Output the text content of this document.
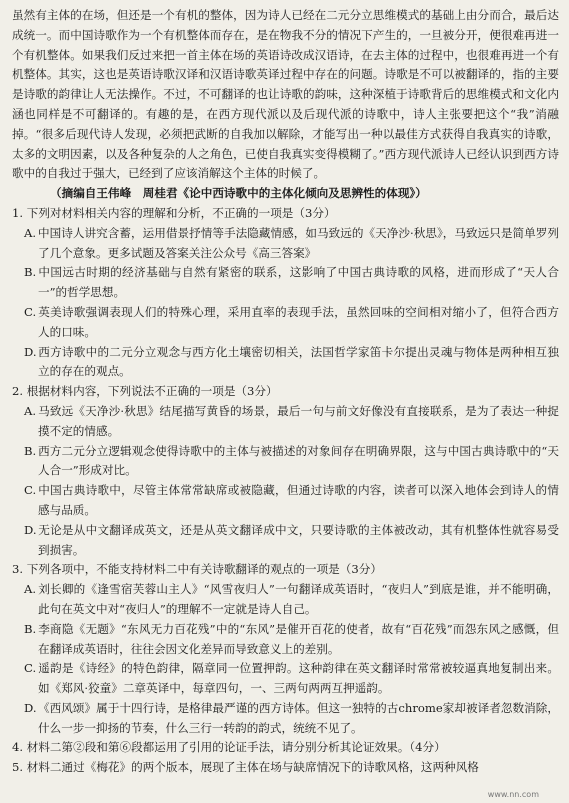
虽然有主体的在场，但还是一个有机的整体，因为诗人已经在二元分立思维模式的基础上由分而合，最后达成统一。而中国诗歌作为一个有机整体而存在，是在物我不分的情况下产生的，一旦被分开，便很难再进一个有机整体。如果我们反过来把一首主体在场的英语诗改成汉语诗，在去主体的过程中，也很难再进一个有机整体。其实，这也是英语诗歌汉译和汉语诗歌英译过程中存在的问题。诗歌是不可以被翻译的，指的主要是诗歌的韵律让人无法操作。不过，不可翻译的也让诗歌的韵味，这种深植于诗歌背后的思维模式和文化内涵也同样是不可翻译的。有趣的是，在西方现代派以及后现代派的诗歌中，诗人主张要把这个“我”消融掉。“很多后现代诗人发现，必须把武断的自我加以解除，才能写出一种以最佳方式获得自我真实的诗歌，太多的文明因素，以及各种复杂的人之角色，已使自我真实变得模糊了。”西方现代派诗人已经认识到西方诗歌中的自我过于强大，已经到了应该消解这个主体的时候了。

（摘编自王伟峰　周桂君《论中西诗歌中的主体化倾向及思辨性的体现》）

1. 下列对材料相关内容的理解和分析，不正确的一项是（3分）

A. 中国诗人讲究含蓄，运用借景抒情等手法隐藏情感，如马致远的《天净沙·秋思》，马致远只是简单罗列了几个意象。更多试题及答案关注公众号《高三答案》

B. 中国远古时期的经济基础与自然有紧密的联系，这影响了中国古典诗歌的风格，进而形成了“天人合一”的哲学思想。

C. 英美诗歌强调表现人们的特殊心理，采用直率的表现手法，虽然回味的空间相对缩小了，但符合西方人的口味。

D.西方诗歌中的二元分立观念与西方化土壤密切相关，法国哲学家笛卡尔提出灵魂与物体是两种相互独立的存在的观点。

2. 根据材料内容，下列说法不正确的一项是（3分）

A. 马致远《天净沙·秋思》结尾描写黄昏的场景，最后一句与前文好像没有直接联系，是为了表达一种捉摸不定的情感。

B. 西方二元分立逻辑观念使得诗歌中的主体与被描述的对象间存在明确界限，这与中国古典诗歌中的“天人合一”形成对比。

C. 中国古典诗歌中，尽管主体常常缺席或被隐藏，但通过诗歌的内容，读者可以深入地体会到诗人的情感与品质。

D.无论是从中文翻译成英文，还是从英文翻译成中文，只要诗歌的主体被改动，其有机整体性就容易受到损害。

3. 下列各项中，不能支持材料二中有关诗歌翻译的观点的一项是（3分）

A. 刘长卿的《逢雪宿芙蓉山主人》“风雪夜归人”一句翻译成英语时，“夜归人”到底是谁，并不能明确，此句在英文中对“夜归人”的理解不一定就是诗人自己。

B. 李商隐《无题》“东风无力百花残”中的“东风”是催开百花的使者，故有“百花残”而怨东风之感慨，但在翻译成英语时，往往会因文化差异而导致意义上的差别。

C. 遥韵是《诗经》的特色韵律，隔章同一位置押韵。这种韵律在英文翻译时常常被较逼真地复制出来。如《郑风·狡童》二章英译中，每章四句，一、三两句两两互押遥韵。

D.《西风颂》属于十四行诗，是格律最严谨的西方诗体。但这一独特的古chrome家却被译者忽数消除，什么一步一抑扬的节奏，什么三行一转韵的韵式，统统不见了。

4. 材料二第②段和第⑥段都运用了引用的论证手法，请分别分析其论证效果。（4分）

5. 材料二通过《梅花》的两个版本，展现了主体在场与缺席情况下的诗歌风格，这两种风格

www.nn.com
